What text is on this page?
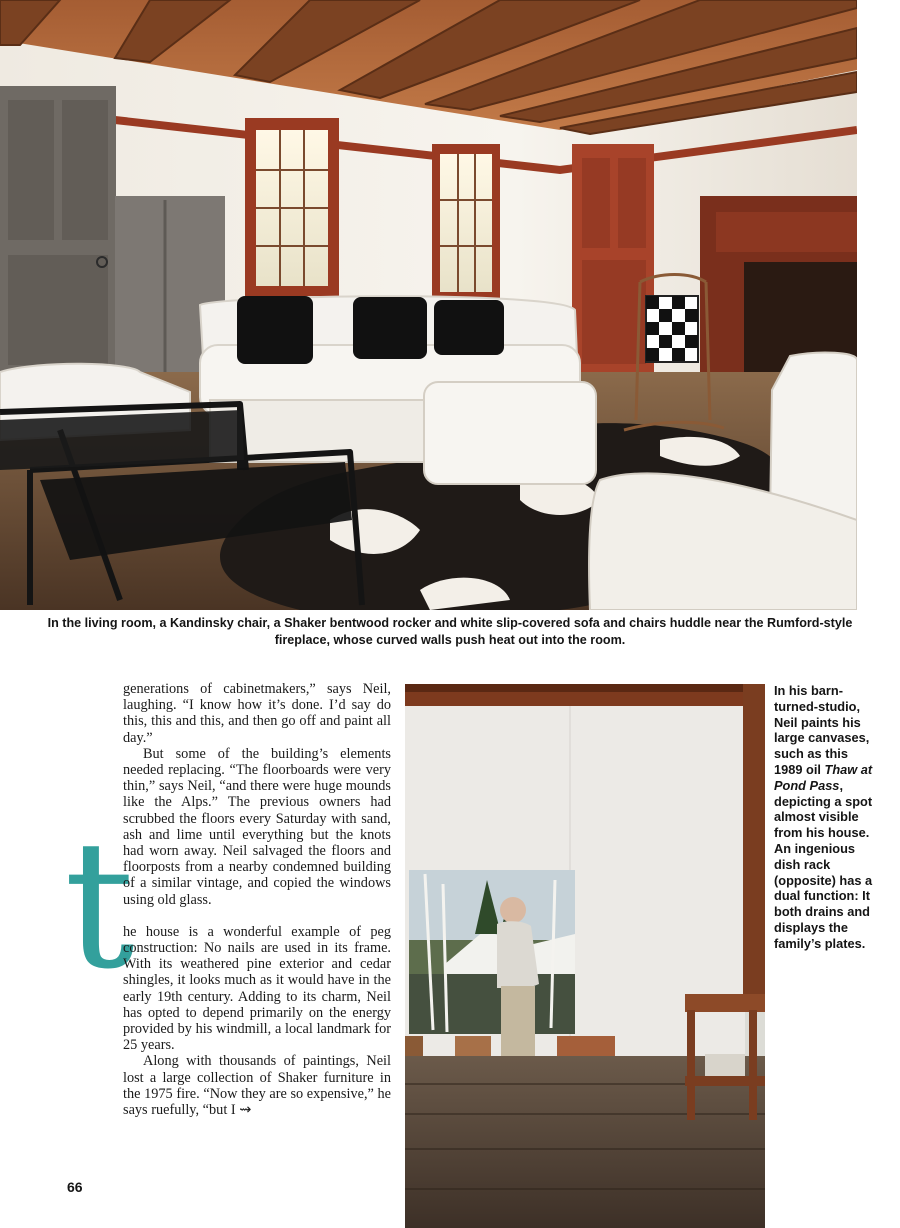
In the living room, a Kandinsky chair, a Shaker bentwood rocker and white slip-covered sofa and chairs huddle near the Rumford-style fireplace, whose curved walls push heat out into the room.

t

generations of cabinetmakers,” says Neil, laughing. “I know how it’s done. I’d say do this, this and this, and then go off and paint all day.”

But some of the building’s elements needed replacing. “The floorboards were very thin,” says Neil, “and there were huge mounds like the Alps.” The previous owners had scrubbed the floors every Saturday with sand, ash and lime until everything but the knots had worn away. Neil salvaged the floors and floorposts from a nearby condemned building of a similar vintage, and copied the windows using old glass.

he house is a wonderful example of peg construction: No nails are used in its frame. With its weathered pine exterior and cedar shingles, it looks much as it would have in the early 19th century. Adding to its charm, Neil has opted to depend primarily on the energy provided by his windmill, a local landmark for 25 years.

Along with thousands of paintings, Neil lost a large collection of Shaker furniture in the 1975 fire. “Now they are so expensive,” he says ruefully, “but I ⇝

In his barn-turned-studio, Neil paints his large canvases, such as this 1989 oil Thaw at Pond Pass, depicting a spot almost visible from his house. An ingenious dish rack (opposite) has a dual function: It both drains and displays the family’s plates.
66
